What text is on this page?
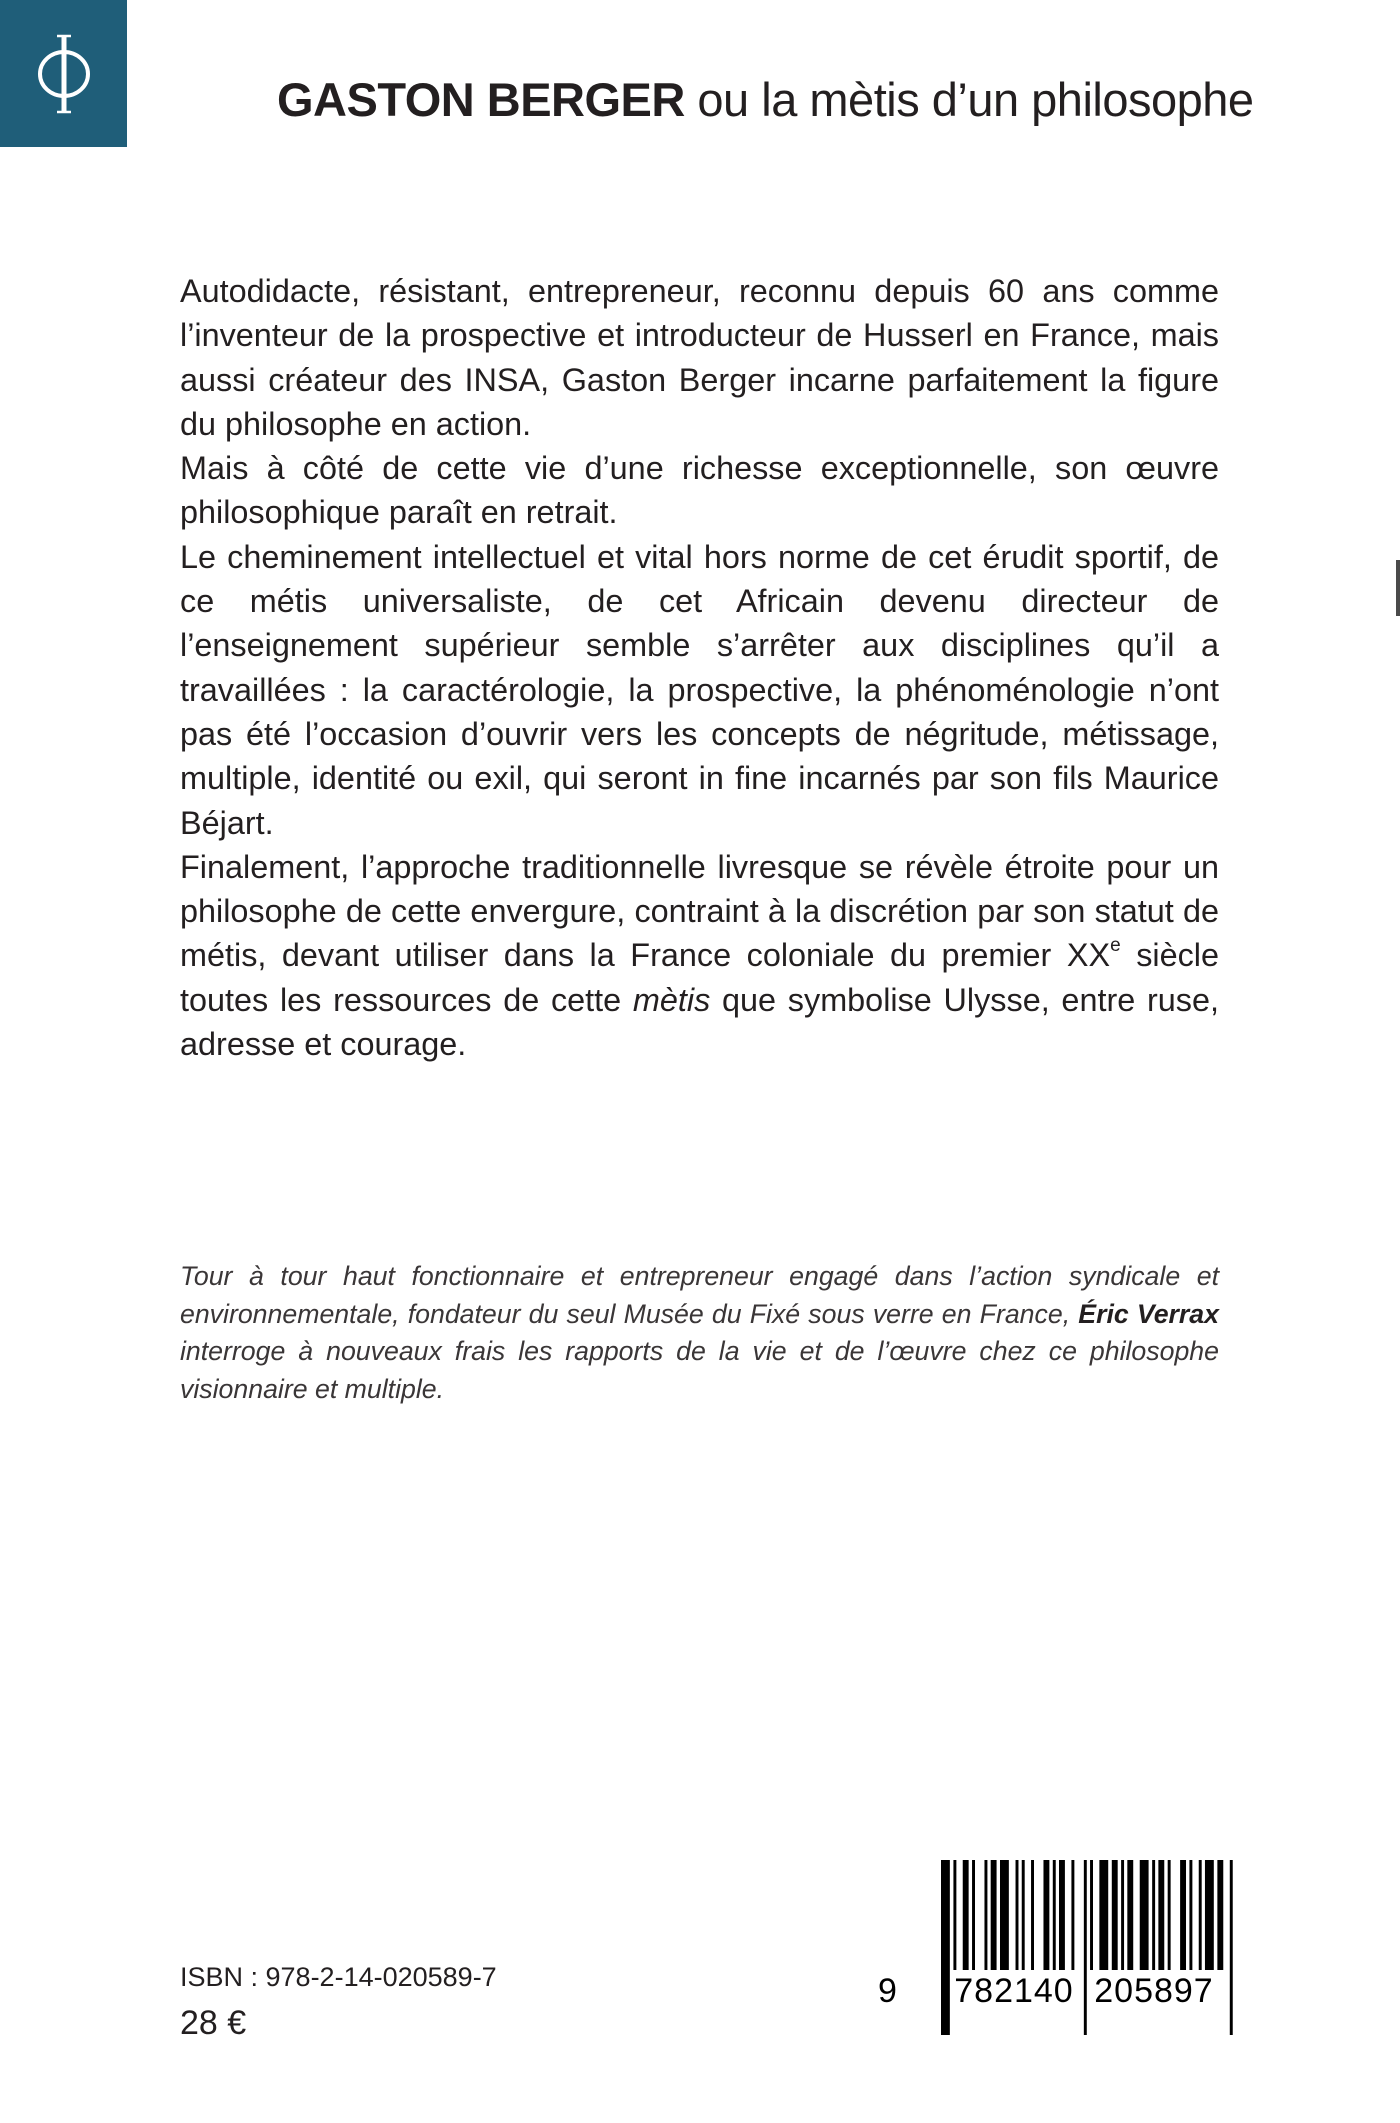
GASTON BERGER ou la mètis d’un philosophe

Autodidacte, résistant, entrepreneur, reconnu depuis 60 ans comme l’inventeur de la prospective et introducteur de Husserl en France, mais aussi créateur des INSA, Gaston Berger incarne parfaitement la figure du philosophe en action.

Mais à côté de cette vie d’une richesse exceptionnelle, son œuvre philosophique paraît en retrait.

Le cheminement intellectuel et vital hors norme de cet érudit sportif, de ce métis universaliste, de cet Africain devenu directeur de l’enseignement supérieur semble s’arrêter aux disciplines qu’il a travaillées : la caractérologie, la prospective, la phénoménologie n’ont pas été l’occasion d’ouvrir vers les concepts de négritude, métissage, multiple, identité ou exil, qui seront in fine incarnés par son fils Maurice Béjart.

Finalement, l’approche traditionnelle livresque se révèle étroite pour un philosophe de cette envergure, contraint à la discrétion par son statut de métis, devant utiliser dans la France coloniale du premier XXe siècle toutes les ressources de cette mètis que symbolise Ulysse, entre ruse, adresse et courage.

Tour à tour haut fonctionnaire et entrepreneur engagé dans l’action syndicale et environnementale, fondateur du seul Musée du Fixé sous verre en France, Éric Verrax interroge à nouveaux frais les rapports de la vie et de l’œuvre chez ce philosophe visionnaire et multiple.
ISBN : 978-2-14-020589-7
28 €
9 782140 205897
